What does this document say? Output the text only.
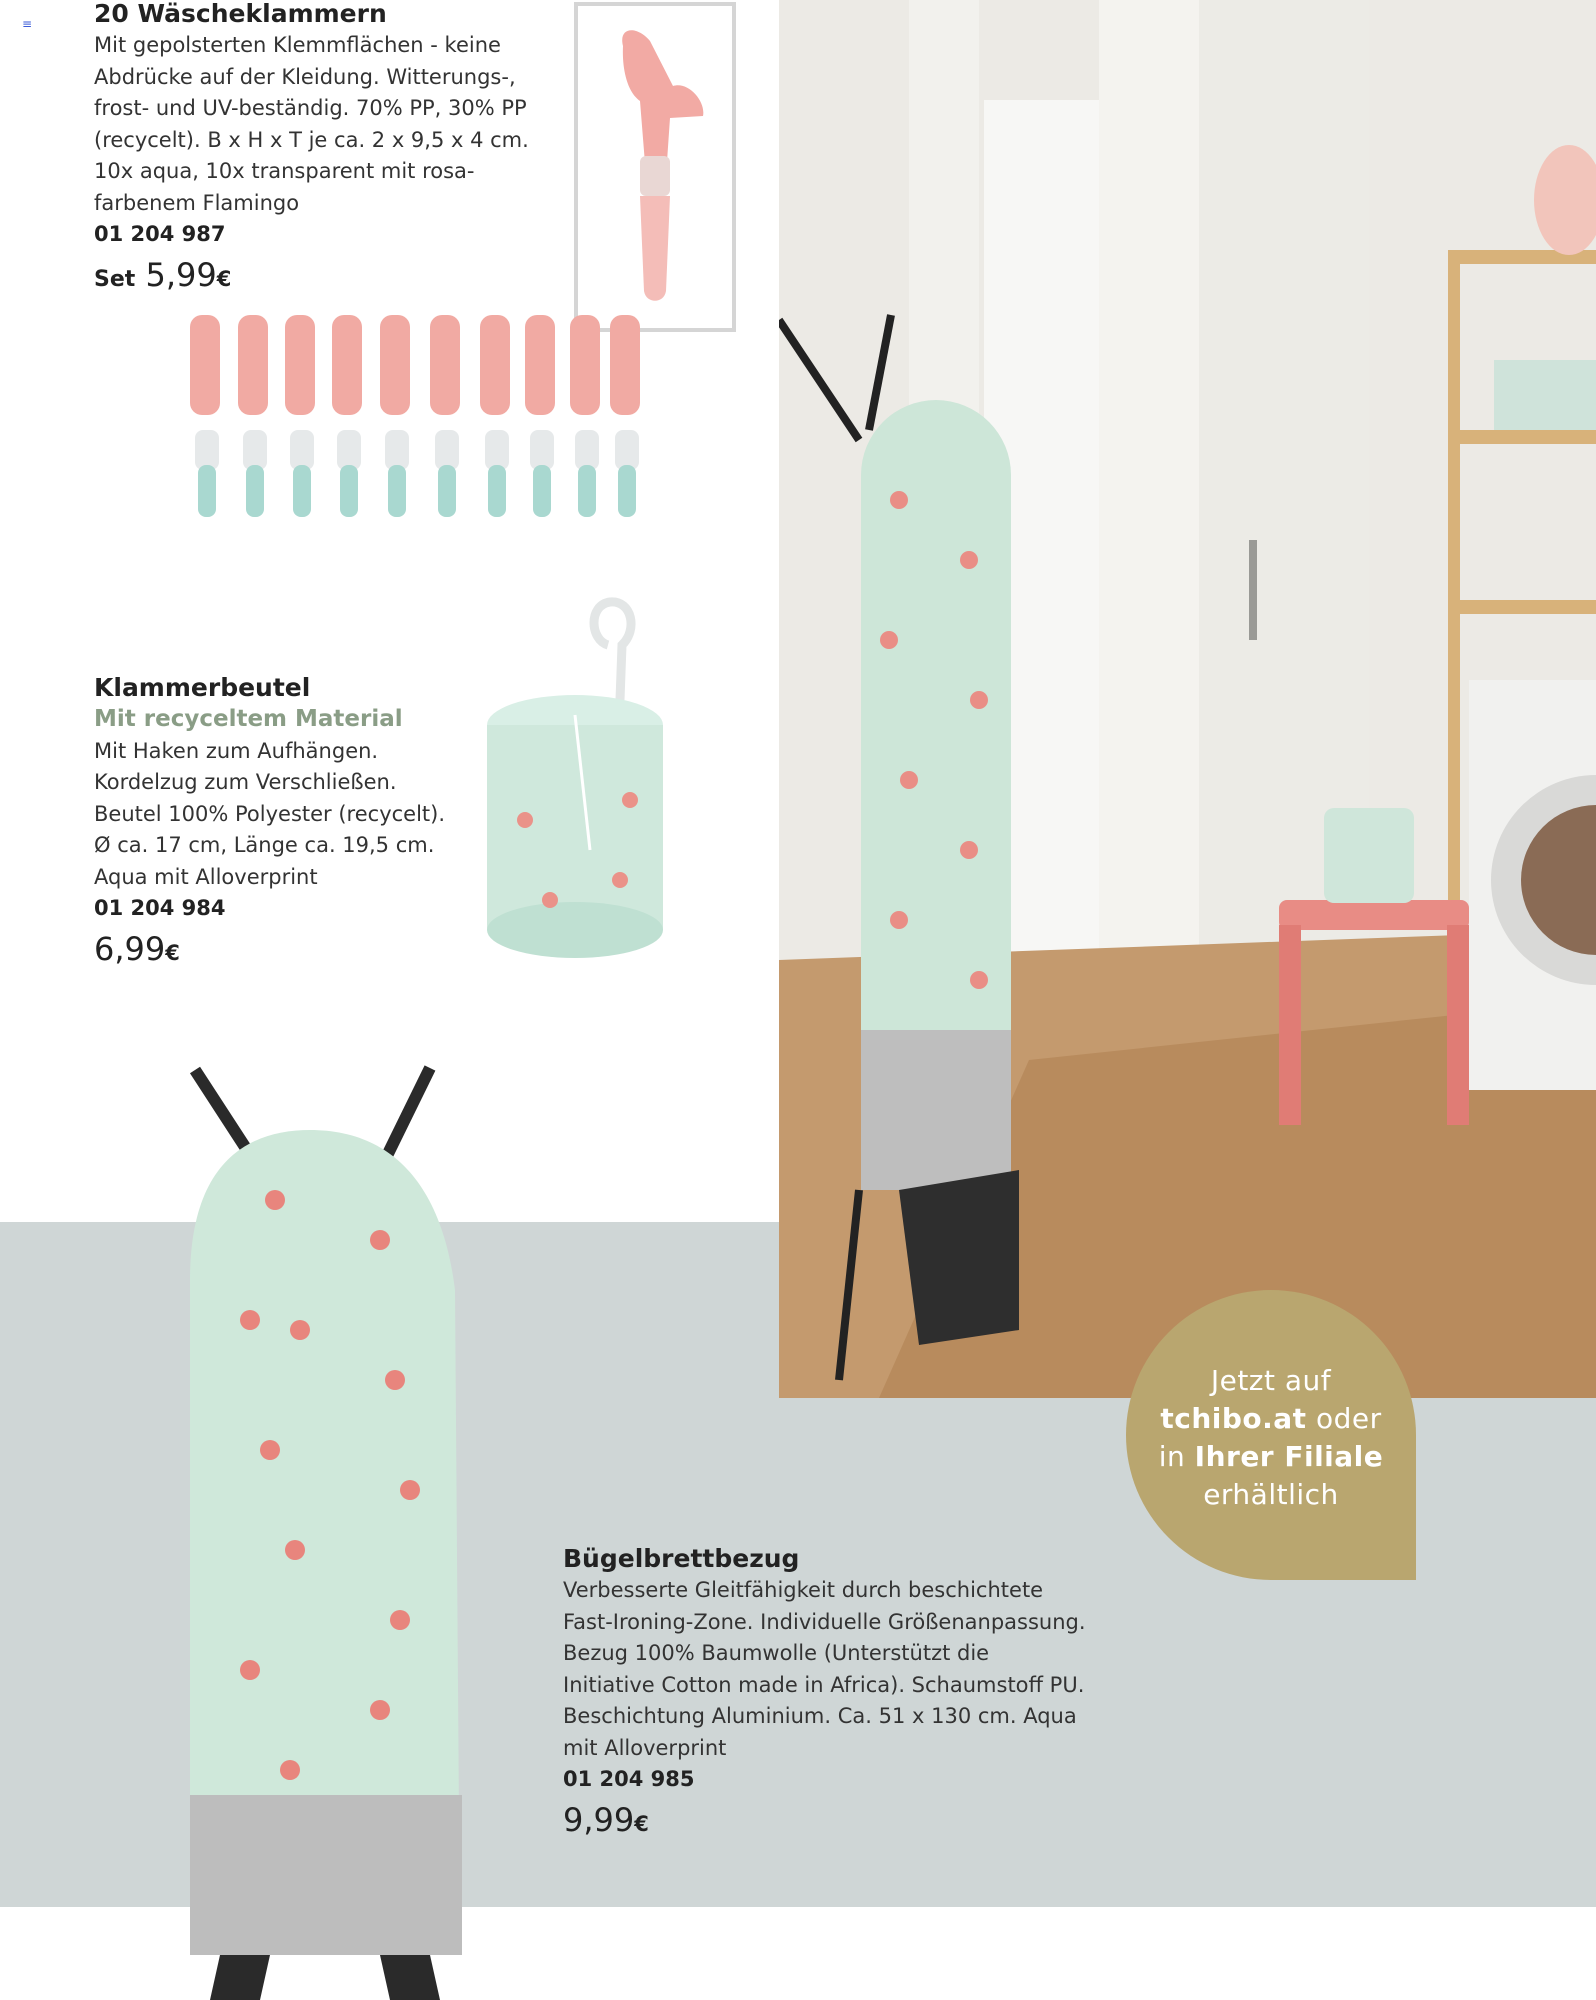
Jetzt auf
tchibo.at oder
in Ihrer Filiale
erhältlich
≡ 20 Wäscheklammern
Mit gepolsterten Klemmflächen - keine
Abdrücke auf der Kleidung. Witterungs-,
frost- und UV-beständig. 70% PP, 30% PP
(recycelt). B x H x T je ca. 2 x 9,5 x 4 cm.
10x aqua, 10x transparent mit rosa-
farbenem Flamingo
01 204 987
Set 5,99€
Klammerbeutel
Mit recyceltem Material
Mit Haken zum Aufhängen.
Kordelzug zum Verschließen.
Beutel 100% Polyester (recycelt).
Ø ca. 17 cm, Länge ca. 19,5 cm.
Aqua mit Alloverprint
01 204 984
6,99€
Bügelbrettbezug
Verbesserte Gleitfähigkeit durch beschichtete
Fast-Ironing-Zone. Individuelle Größenanpassung.
Bezug 100% Baumwolle (Unterstützt die
Initiative Cotton made in Africa). Schaumstoff PU.
Beschichtung Aluminium. Ca. 51 x 130 cm. Aqua
mit Alloverprint
01 204 985
9,99€
